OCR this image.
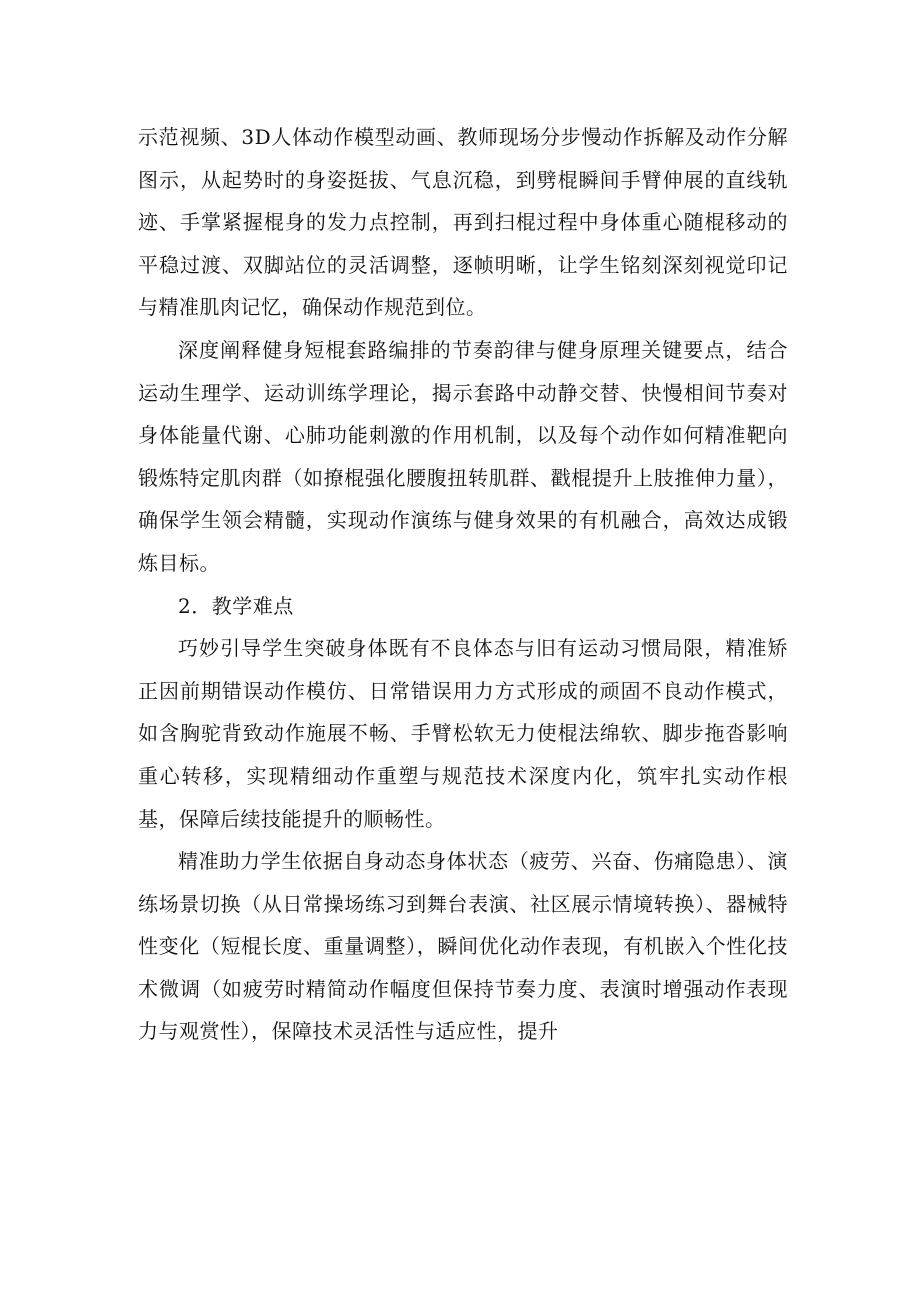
示范视频、3D人体动作模型动画、教师现场分步慢动作拆解及动作分解图示，从起势时的身姿挺拔、气息沉稳，到劈棍瞬间手臂伸展的直线轨迹、手掌紧握棍身的发力点控制，再到扫棍过程中身体重心随棍移动的平稳过渡、双脚站位的灵活调整，逐帧明晰，让学生铭刻深刻视觉印记与精准肌肉记忆，确保动作规范到位。

深度阐释健身短棍套路编排的节奏韵律与健身原理关键要点，结合运动生理学、运动训练学理论，揭示套路中动静交替、快慢相间节奏对身体能量代谢、心肺功能刺激的作用机制，以及每个动作如何精准靶向锻炼特定肌肉群（如撩棍强化腰腹扭转肌群、戳棍提升上肢推伸力量），确保学生领会精髓，实现动作演练与健身效果的有机融合，高效达成锻炼目标。

2．教学难点

巧妙引导学生突破身体既有不良体态与旧有运动习惯局限，精准矫正因前期错误动作模仿、日常错误用力方式形成的顽固不良动作模式，如含胸驼背致动作施展不畅、手臂松软无力使棍法绵软、脚步拖沓影响重心转移，实现精细动作重塑与规范技术深度内化，筑牢扎实动作根基，保障后续技能提升的顺畅性。

精准助力学生依据自身动态身体状态（疲劳、兴奋、伤痛隐患）、演练场景切换（从日常操场练习到舞台表演、社区展示情境转换）、器械特性变化（短棍长度、重量调整），瞬间优化动作表现，有机嵌入个性化技术微调（如疲劳时精简动作幅度但保持节奏力度、表演时增强动作表现力与观赏性），保障技术灵活性与适应性，提升
